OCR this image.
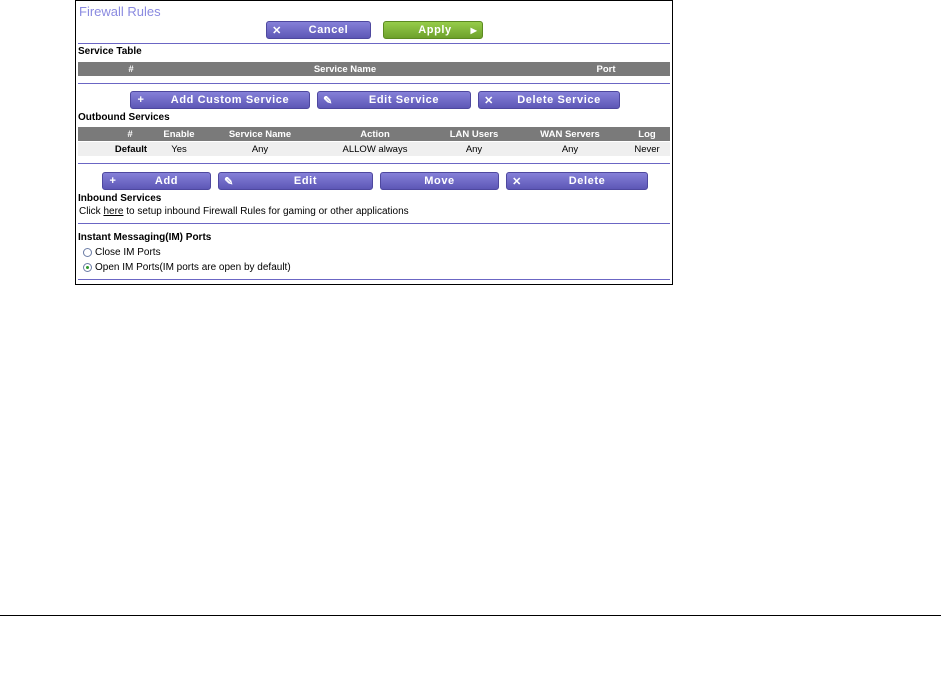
Firewall Rules
✕	Cancel	Apply	▶
Service Table
#	Service Name	Port
+	Add Custom Service	✎	Edit Service	✕	Delete Service
Outbound Services
#	Enable	Service Name	Action	LAN Users	WAN Servers	Log
Default	Yes	Any	ALLOW always	Any	Any	Never
+	Add	✎	Edit	Move	✕	Delete
Inbound Services
Click here to setup inbound Firewall Rules for gaming or other applications
Instant Messaging(IM) Ports
Close IM Ports
Open IM Ports(IM ports are open by default)
